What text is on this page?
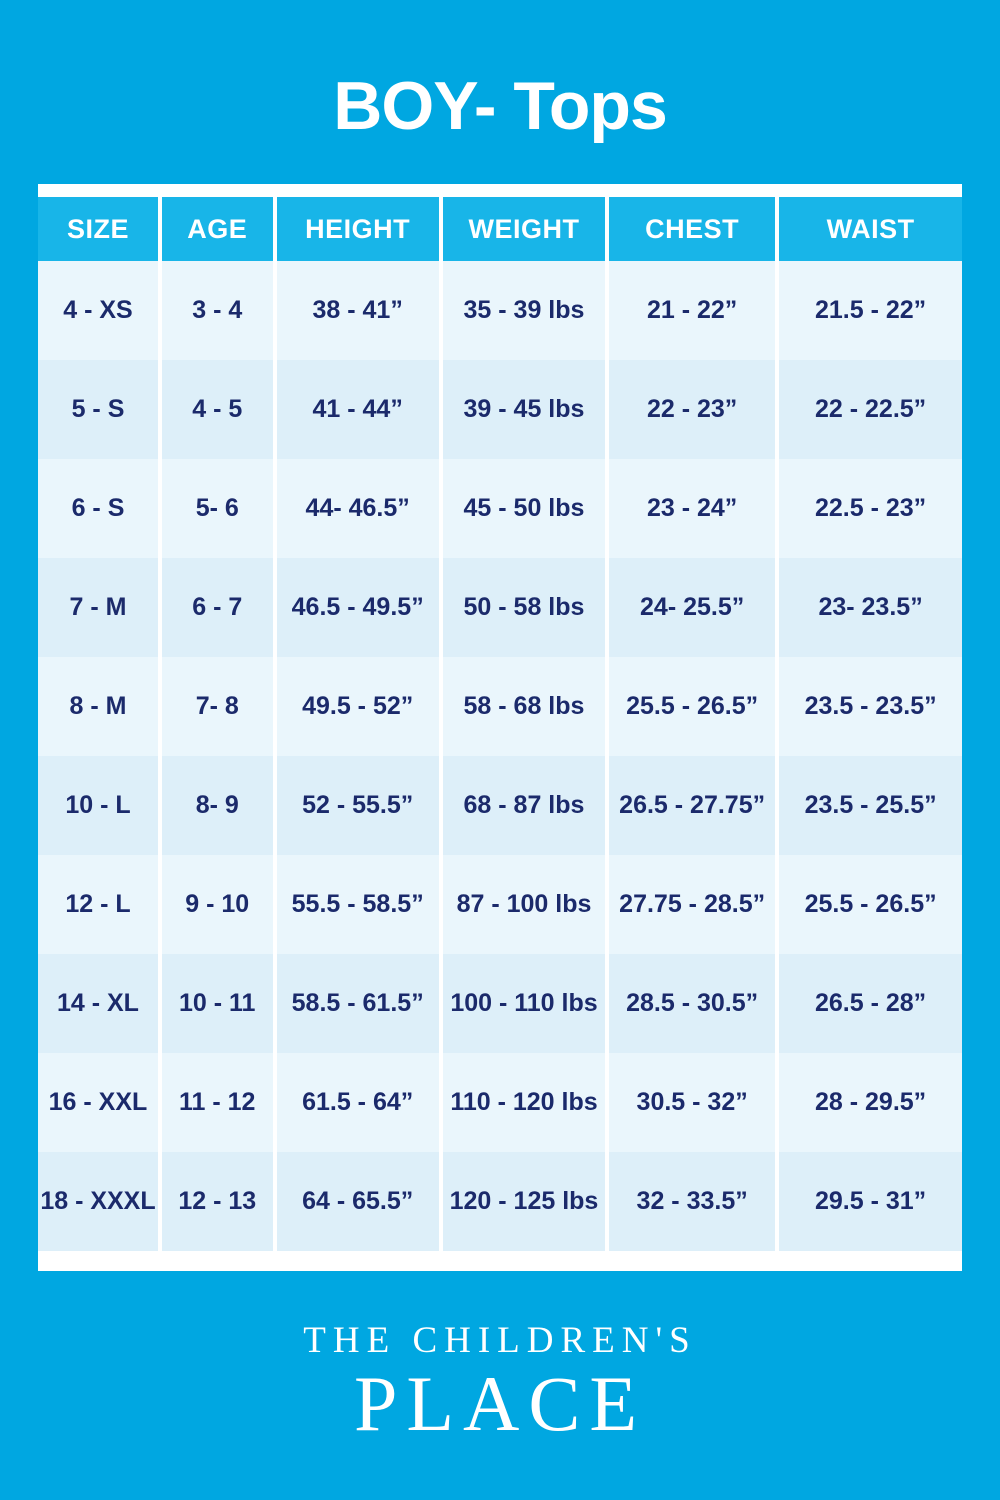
BOY- Tops
SIZE	AGE	HEIGHT	WEIGHT	CHEST	WAIST
4 - XS	3 - 4	38 - 41”	35 - 39 lbs	21 - 22”	21.5 - 22”
5 - S	4 - 5	41 - 44”	39 - 45 lbs	22 - 23”	22 - 22.5”
6 - S	5- 6	44- 46.5”	45 - 50 lbs	23 - 24”	22.5 - 23”
7 - M	6 - 7	46.5 - 49.5”	50 - 58 lbs	24- 25.5”	23- 23.5”
8 - M	7- 8	49.5 - 52”	58 - 68 lbs	25.5 - 26.5”	23.5 - 23.5”
10 - L	8- 9	52 - 55.5”	68 - 87 lbs	26.5 - 27.75”	23.5 - 25.5”
12 - L	9 - 10	55.5 - 58.5”	87 - 100 lbs	27.75 - 28.5”	25.5 - 26.5”
14 - XL	10 - 11	58.5 - 61.5”	100 - 110 lbs	28.5 - 30.5”	26.5 - 28”
16 - XXL	11 - 12	61.5 - 64”	110 - 120 lbs	30.5 - 32”	28 - 29.5”
18 - XXXL	12 - 13	64 - 65.5”	120 - 125 lbs	32 - 33.5”	29.5 - 31”

THE CHILDREN'S
PLACE
